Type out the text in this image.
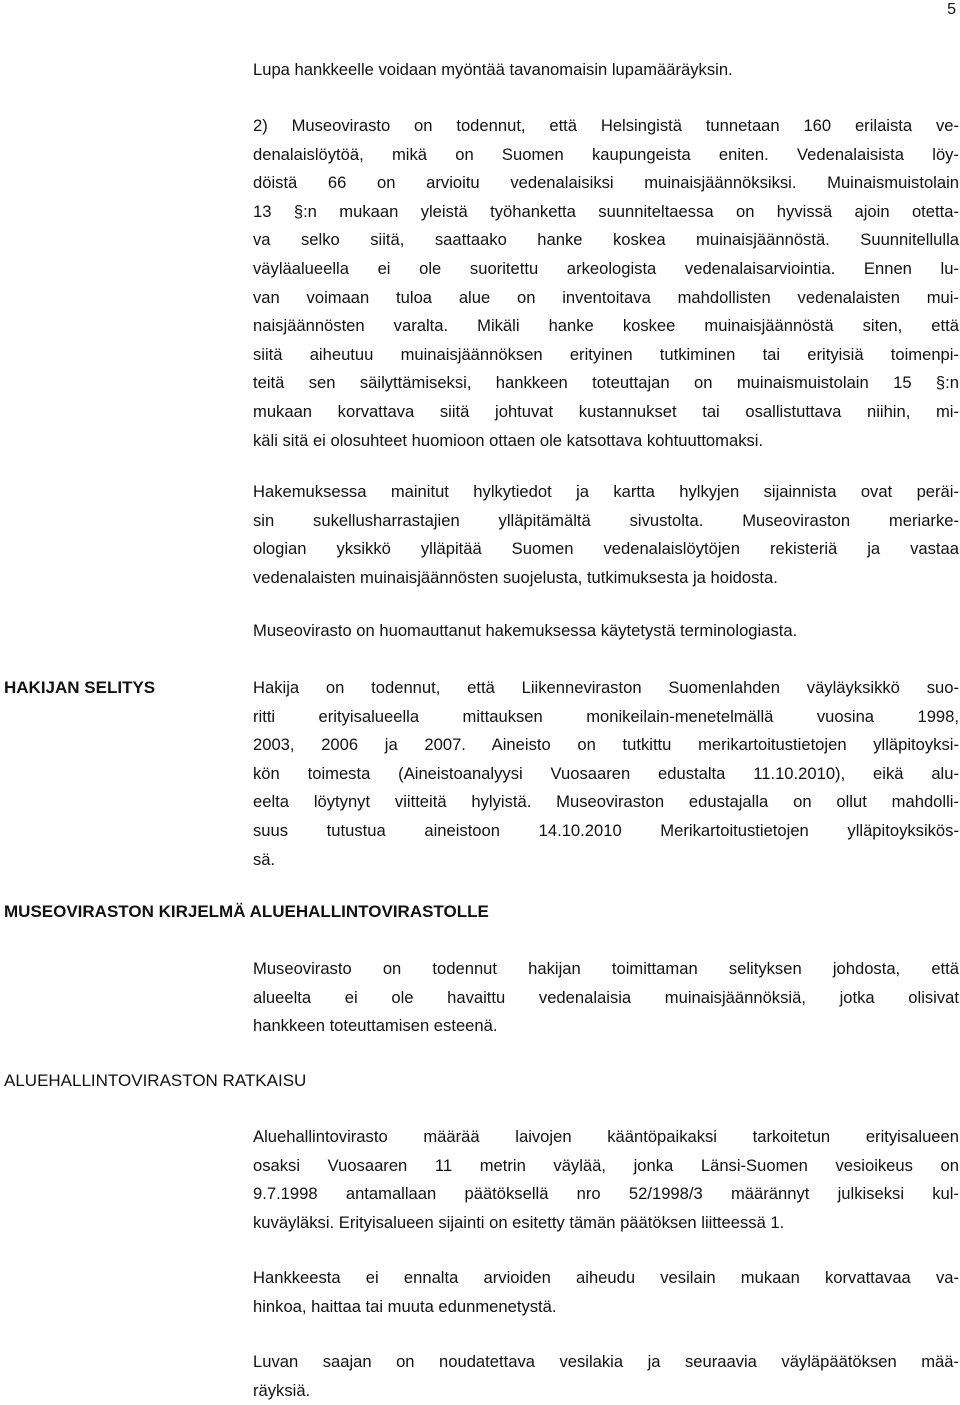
5

Lupa hankkeelle voidaan myöntää tavanomaisin lupamääräyksin.

2) Museovirasto on todennut, että Helsingistä tunnetaan 160 erilaista ve-
denalaislöytöä, mikä on Suomen kaupungeista eniten. Vedenalaisista löy-
döistä 66 on arvioitu vedenalaisiksi muinaisjäännöksiksi. Muinaismuistolain
13 §:n mukaan yleistä työhanketta suunniteltaessa on hyvissä ajoin otetta-
va selko siitä, saattaako hanke koskea muinaisjäännöstä. Suunnitellulla
väyläalueella ei ole suoritettu arkeologista vedenalaisarviointia. Ennen lu-
van voimaan tuloa alue on inventoitava mahdollisten vedenalaisten mui-
naisjäännösten varalta. Mikäli hanke koskee muinaisjäännöstä siten, että
siitä aiheutuu muinaisjäännöksen erityinen tutkiminen tai erityisiä toimenpi-
teitä sen säilyttämiseksi, hankkeen toteuttajan on muinaismuistolain 15 §:n
mukaan korvattava siitä johtuvat kustannukset tai osallistuttava niihin, mi-
käli sitä ei olosuhteet huomioon ottaen ole katsottava kohtuuttomaksi.

Hakemuksessa mainitut hylkytiedot ja kartta hylkyjen sijainnista ovat peräi-
sin sukellusharrastajien ylläpitämältä sivustolta. Museoviraston meriarke-
ologian yksikkö ylläpitää Suomen vedenalaislöytöjen rekisteriä ja vastaa
vedenalaisten muinaisjäännösten suojelusta, tutkimuksesta ja hoidosta.

Museovirasto on huomauttanut hakemuksessa käytetystä terminologiasta.

HAKIJAN SELITYS	Hakija on todennut, että Liikenneviraston Suomenlahden väyläyksikkö suo-
ritti erityisalueella mittauksen monikeilain-menetelmällä vuosina 1998,
2003, 2006 ja 2007. Aineisto on tutkittu merikartoitustietojen ylläpitoyksi-
kön toimesta (Aineistoanalyysi Vuosaaren edustalta 11.10.2010), eikä alu-
eelta löytynyt viitteitä hylyistä. Museoviraston edustajalla on ollut mahdolli-
suus tutustua aineistoon 14.10.2010 Merikartoitustietojen ylläpitoyksikös-
sä.

MUSEOVIRASTON KIRJELMÄ ALUEHALLINTOVIRASTOLLE

Museovirasto on todennut hakijan toimittaman selityksen johdosta, että
alueelta ei ole havaittu vedenalaisia muinaisjäännöksiä, jotka olisivat
hankkeen toteuttamisen esteenä.

ALUEHALLINTOVIRASTON RATKAISU

Aluehallintovirasto määrää laivojen kääntöpaikaksi tarkoitetun erityisalueen
osaksi Vuosaaren 11 metrin väylää, jonka Länsi-Suomen vesioikeus on
9.7.1998 antamallaan päätöksellä nro 52/1998/3 määrännyt julkiseksi kul-
kuväyläksi. Erityisalueen sijainti on esitetty tämän päätöksen liitteessä 1.

Hankkeesta ei ennalta arvioiden aiheudu vesilain mukaan korvattavaa va-
hinkoa, haittaa tai muuta edunmenetystä.

Luvan saajan on noudatettava vesilakia ja seuraavia väyläpäätöksen mää-
räyksiä.
